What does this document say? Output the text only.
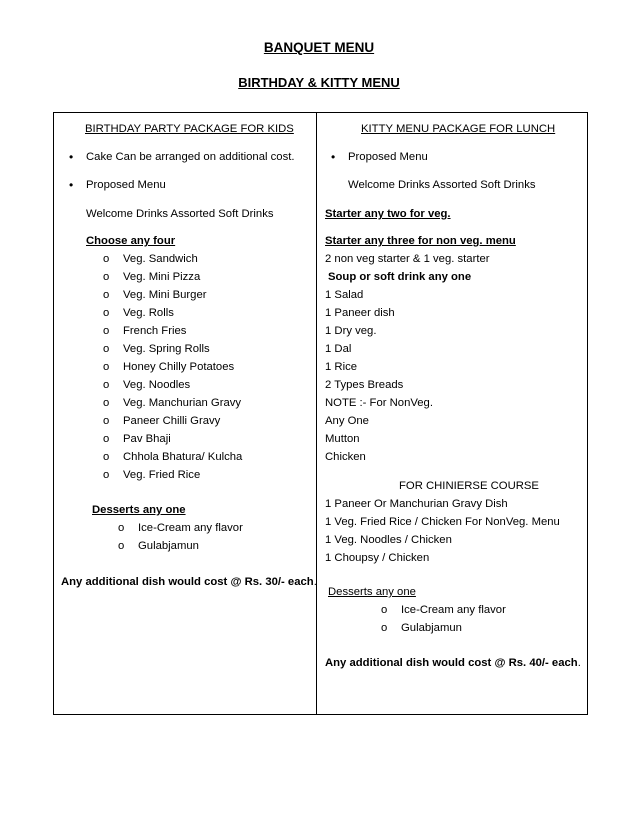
BANQUET MENU
BIRTHDAY & KITTY MENU
BIRTHDAY PARTY PACKAGE FOR KIDS
• Cake Can be arranged on additional cost.
• Proposed Menu
Welcome Drinks Assorted Soft Drinks
Choose any four
o Veg. Sandwich
o Veg. Mini Pizza
o Veg. Mini Burger
o Veg. Rolls
o French Fries
o Veg. Spring Rolls
o Honey Chilly Potatoes
o Veg. Noodles
o Veg. Manchurian Gravy
o Paneer Chilli Gravy
o Pav Bhaji
o Chhola Bhatura/ Kulcha
o Veg. Fried Rice
Desserts any one
o Ice-Cream any flavor
o Gulabjamun
Any additional dish would cost @ Rs. 30/- each.

KITTY MENU PACKAGE FOR LUNCH
• Proposed Menu
Welcome Drinks Assorted Soft Drinks
Starter any two for veg.
Starter any three for non veg. menu
2 non veg starter & 1 veg. starter
Soup or soft drink any one
1 Salad
1 Paneer dish
1 Dry veg.
1 Dal
1 Rice
2 Types Breads
NOTE :- For NonVeg.
Any One
Mutton
Chicken
FOR CHINIERSE COURSE
1 Paneer Or Manchurian Gravy Dish
1 Veg. Fried Rice / Chicken For NonVeg. Menu
1 Veg. Noodles / Chicken
1 Choupsy / Chicken
Desserts any one
o Ice-Cream any flavor
o Gulabjamun
Any additional dish would cost @ Rs. 40/- each.
